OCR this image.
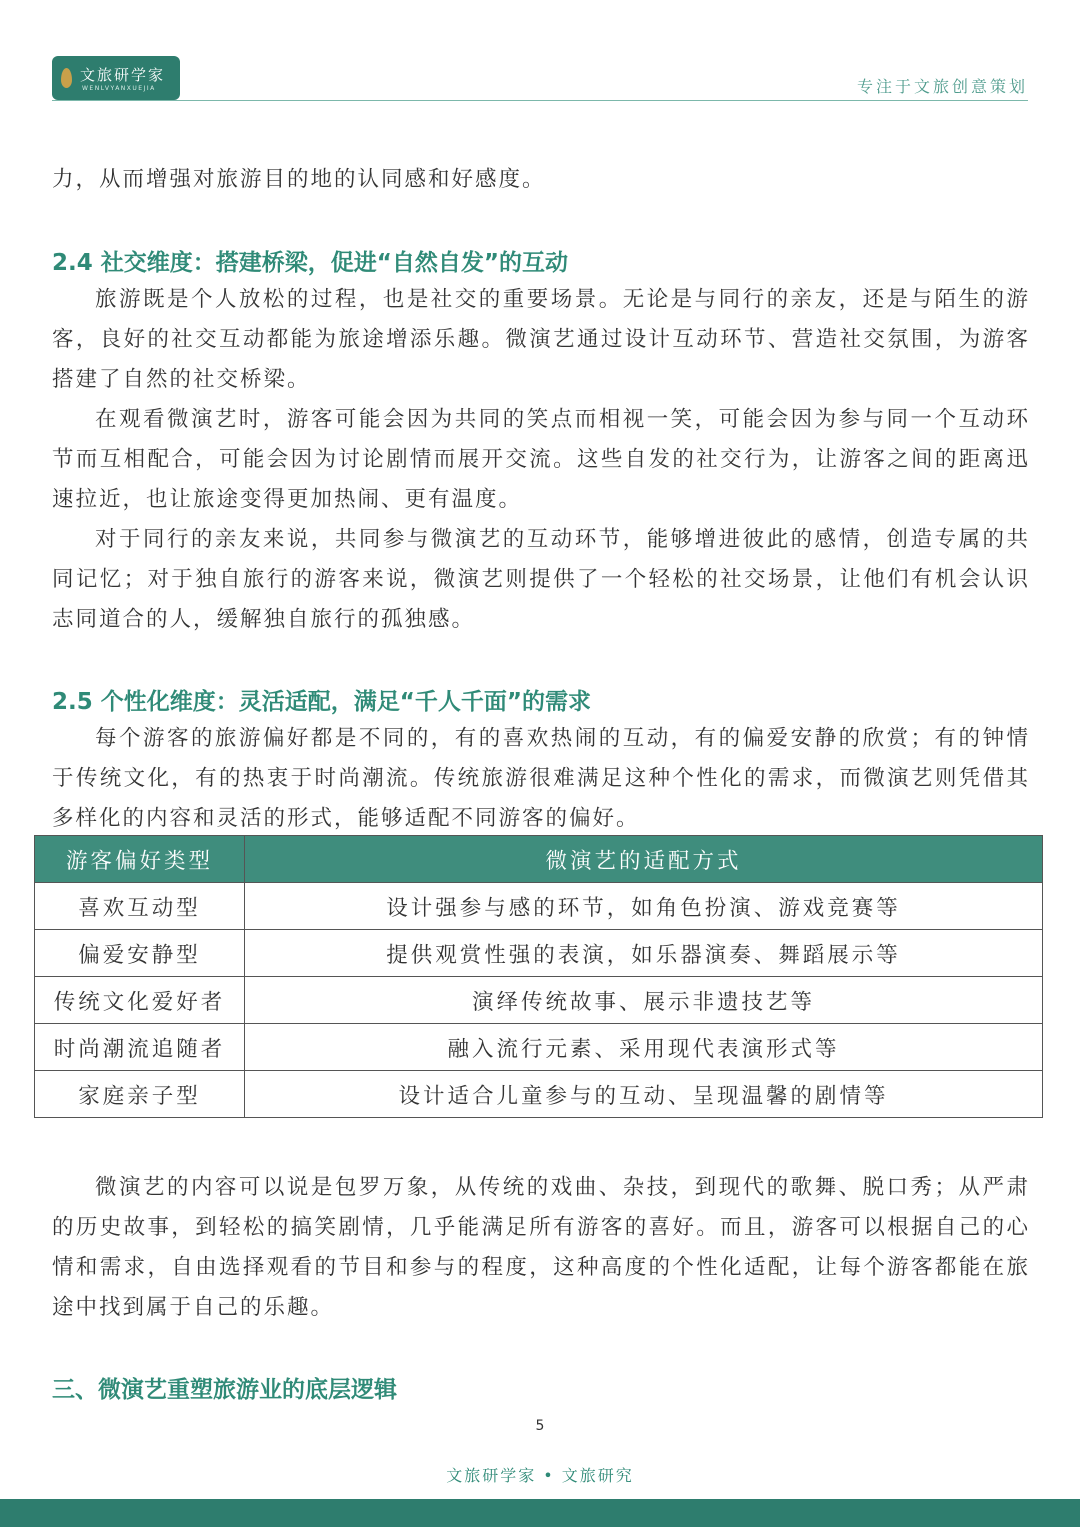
文旅研学家
WENLVYANXUEJIA	专注于文旅创意策划

力，从而增强对旅游目的地的认同感和好感度。

2.4 社交维度：搭建桥梁，促进“自然自发”的互动

旅游既是个人放松的过程，也是社交的重要场景。无论是与同行的亲友，还是与陌生的游客，良好的社交互动都能为旅途增添乐趣。微演艺通过设计互动环节、营造社交氛围，为游客搭建了自然的社交桥梁。

在观看微演艺时，游客可能会因为共同的笑点而相视一笑，可能会因为参与同一个互动环节而互相配合，可能会因为讨论剧情而展开交流。这些自发的社交行为，让游客之间的距离迅速拉近，也让旅途变得更加热闹、更有温度。

对于同行的亲友来说，共同参与微演艺的互动环节，能够增进彼此的感情，创造专属的共同记忆；对于独自旅行的游客来说，微演艺则提供了一个轻松的社交场景，让他们有机会认识志同道合的人，缓解独自旅行的孤独感。

2.5 个性化维度：灵活适配，满足“千人千面”的需求

每个游客的旅游偏好都是不同的，有的喜欢热闹的互动，有的偏爱安静的欣赏；有的钟情于传统文化，有的热衷于时尚潮流。传统旅游很难满足这种个性化的需求，而微演艺则凭借其多样化的内容和灵活的形式，能够适配不同游客的偏好。

微演艺的内容可以说是包罗万象，从传统的戏曲、杂技，到现代的歌舞、脱口秀；从严肃的历史故事，到轻松的搞笑剧情，几乎能满足所有游客的喜好。而且，游客可以根据自己的心情和需求，自由选择观看的节目和参与的程度，这种高度的个性化适配，让每个游客都能在旅途中找到属于自己的乐趣。

三、微演艺重塑旅游业的底层逻辑
游客偏好类型	微演艺的适配方式
喜欢互动型	设计强参与感的环节，如角色扮演、游戏竞赛等
偏爱安静型	提供观赏性强的表演，如乐器演奏、舞蹈展示等
传统文化爱好者	演绎传统故事、展示非遗技艺等
时尚潮流追随者	融入流行元素、采用现代表演形式等
家庭亲子型	设计适合儿童参与的互动、呈现温馨的剧情等
5
文旅研学家 • 文旅研究
